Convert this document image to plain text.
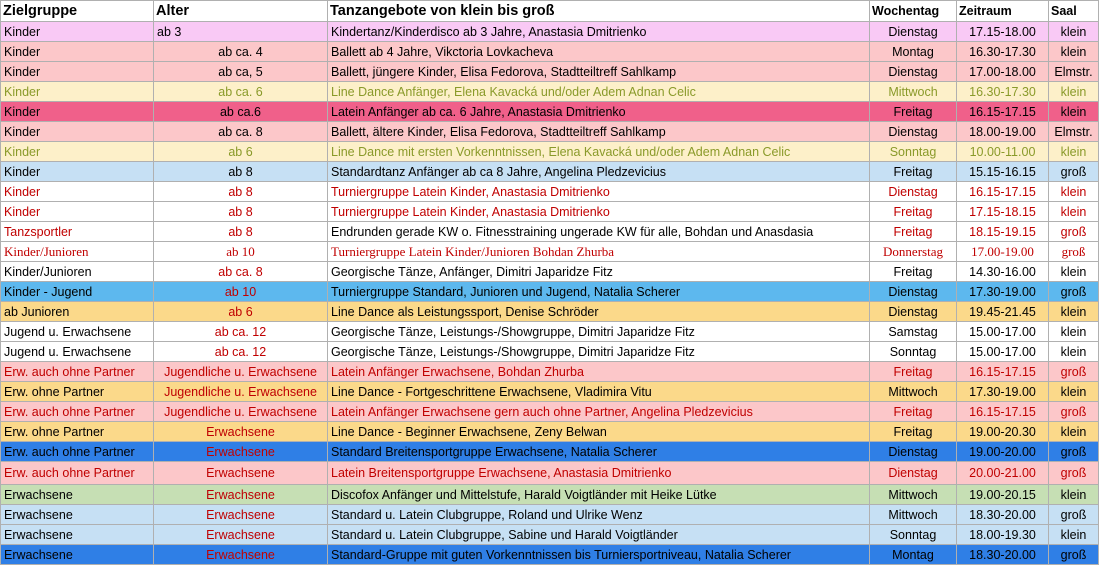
Zielgruppe	Alter	Tanzangebote von klein bis groß	Wochentag	Zeitraum	Saal
Kinder	ab 3	Kindertanz/Kinderdisco ab 3 Jahre, Anastasia Dmitrienko	Dienstag	17.15-18.00	klein
Kinder	ab ca. 4	Ballett ab 4 Jahre, Vikctoria Lovkacheva	Montag	16.30-17.30	klein
Kinder	ab ca, 5	Ballett, jüngere Kinder, Elisa Fedorova, Stadtteiltreff Sahlkamp	Dienstag	17.00-18.00	Elmstr.
Kinder	ab ca. 6	Line Dance Anfänger, Elena Kavacká und/oder Adem Adnan Celic	Mittwoch	16.30-17.30	klein
Kinder	ab ca.6	Latein Anfänger ab ca. 6 Jahre, Anastasia Dmitrienko	Freitag	16.15-17.15	klein
Kinder	ab ca. 8	Ballett, ältere Kinder, Elisa Fedorova, Stadtteiltreff Sahlkamp	Dienstag	18.00-19.00	Elmstr.
Kinder	ab 6	Line Dance mit ersten Vorkenntnissen, Elena Kavacká und/oder Adem Adnan Celic	Sonntag	10.00-11.00	klein
Kinder	ab 8	Standardtanz Anfänger ab ca 8 Jahre, Angelina Pledzevicius	Freitag	15.15-16.15	groß
Kinder	ab 8	Turniergruppe Latein Kinder, Anastasia Dmitrienko	Dienstag	16.15-17.15	klein
Kinder	ab 8	Turniergruppe Latein Kinder, Anastasia Dmitrienko	Freitag	17.15-18.15	klein
Tanzsportler	ab 8	Endrunden gerade KW o. Fitnesstraining ungerade KW für alle, Bohdan und Anasdasia	Freitag	18.15-19.15	groß
Kinder/Junioren	ab 10	Turniergruppe Latein Kinder/Junioren Bohdan Zhurba	Donnerstag	17.00-19.00	groß
Kinder/Junioren	ab ca. 8	Georgische Tänze, Anfänger, Dimitri Japaridze Fitz	Freitag	14.30-16.00	klein
Kinder - Jugend	ab 10	Turniergruppe Standard, Junioren und Jugend, Natalia Scherer	Dienstag	17.30-19.00	groß
ab Junioren	ab 6	Line Dance als Leistungssport, Denise Schröder	Dienstag	19.45-21.45	klein
Jugend u. Erwachsene	ab ca. 12	Georgische Tänze, Leistungs-/Showgruppe, Dimitri Japaridze Fitz	Samstag	15.00-17.00	klein
Jugend u. Erwachsene	ab ca. 12	Georgische Tänze, Leistungs-/Showgruppe, Dimitri Japaridze Fitz	Sonntag	15.00-17.00	klein
Erw. auch ohne Partner	Jugendliche u. Erwachsene	Latein Anfänger Erwachsene, Bohdan Zhurba	Freitag	16.15-17.15	groß
Erw. ohne Partner	Jugendliche u. Erwachsene	Line Dance - Fortgeschrittene Erwachsene, Vladimira Vitu	Mittwoch	17.30-19.00	klein
Erw. auch ohne Partner	Jugendliche u. Erwachsene	Latein Anfänger Erwachsene gern auch ohne Partner, Angelina Pledzevicius	Freitag	16.15-17.15	groß
Erw. ohne Partner	Erwachsene	Line Dance - Beginner Erwachsene, Zeny Belwan	Freitag	19.00-20.30	klein
Erw. auch ohne Partner	Erwachsene	Standard Breitensportgruppe Erwachsene, Natalia Scherer	Dienstag	19.00-20.00	groß
Erw. auch ohne Partner	Erwachsene	Latein Breitensportgruppe Erwachsene, Anastasia Dmitrienko	Dienstag	20.00-21.00	groß
Erwachsene	Erwachsene	Discofox Anfänger und Mittelstufe, Harald Voigtländer mit Heike Lütke	Mittwoch	19.00-20.15	klein
Erwachsene	Erwachsene	Standard u. Latein Clubgruppe, Roland und Ulrike Wenz	Mittwoch	18.30-20.00	groß
Erwachsene	Erwachsene	Standard u. Latein Clubgruppe, Sabine und Harald Voigtländer	Sonntag	18.00-19.30	klein
Erwachsene	Erwachsene	Standard-Gruppe mit guten Vorkenntnissen bis Turniersportniveau, Natalia Scherer	Montag	18.30-20.00	groß
